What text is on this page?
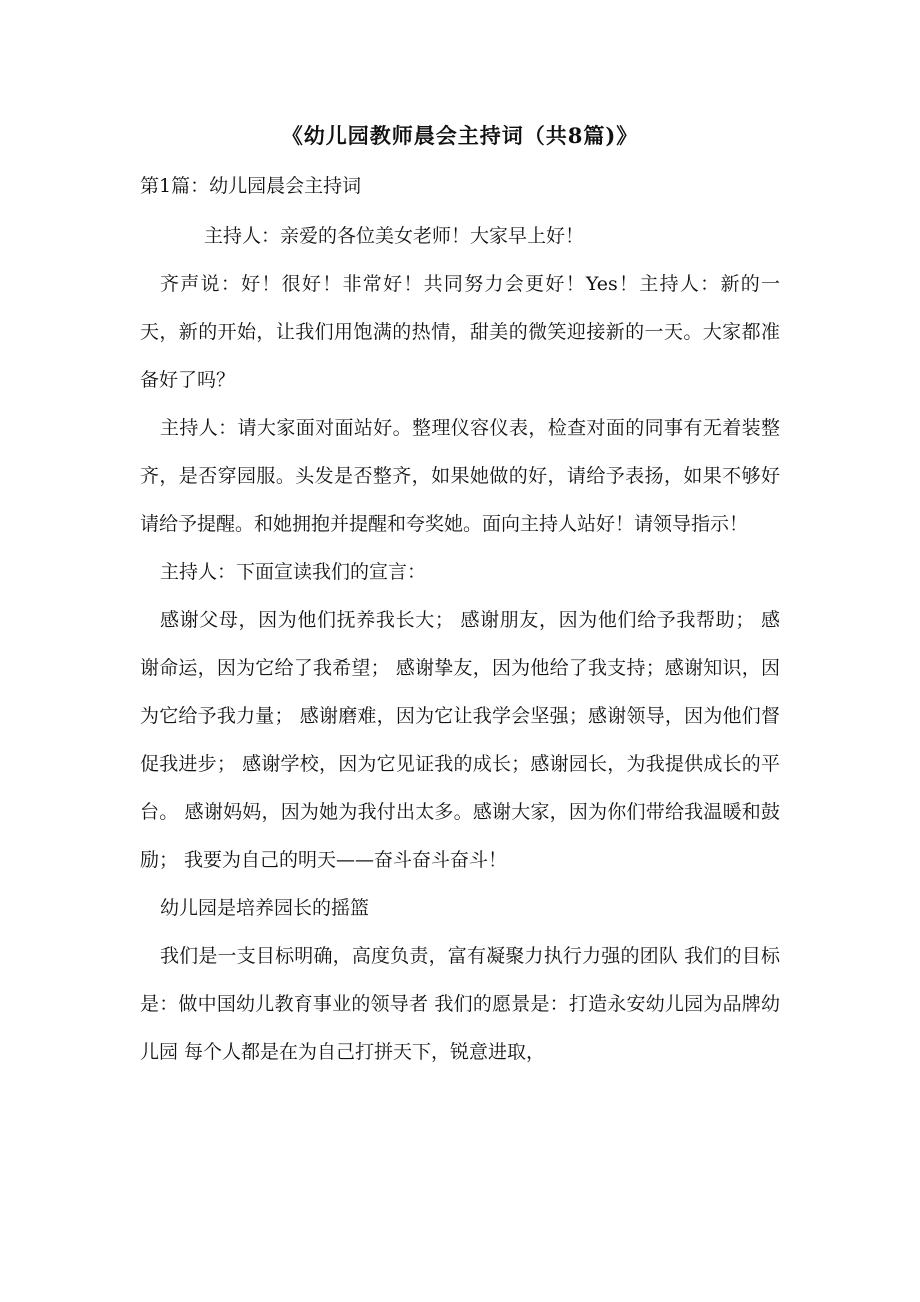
《幼儿园教师晨会主持词（共8篇)》
第1篇：幼儿园晨会主持词

主持人：亲爱的各位美女老师！大家早上好！

齐声说：好！很好！非常好！共同努力会更好！Yes！主持人：新的一天，新的开始，让我们用饱满的热情，甜美的微笑迎接新的一天。大家都准备好了吗？

主持人：请大家面对面站好。整理仪容仪表，检查对面的同事有无着装整齐，是否穿园服。头发是否整齐，如果她做的好，请给予表扬，如果不够好请给予提醒。和她拥抱并提醒和夸奖她。面向主持人站好！请领导指示！

主持人：下面宣读我们的宣言：

感谢父母，因为他们抚养我长大； 感谢朋友，因为他们给予我帮助； 感谢命运，因为它给了我希望； 感谢挚友，因为他给了我支持；感谢知识，因为它给予我力量； 感谢磨难，因为它让我学会坚强；感谢领导，因为他们督促我进步； 感谢学校，因为它见证我的成长；感谢园长，为我提供成长的平台。 感谢妈妈，因为她为我付出太多。感谢大家，因为你们带给我温暖和鼓励； 我要为自己的明天——奋斗奋斗奋斗！

幼儿园是培养园长的摇篮

我们是一支目标明确，高度负责，富有凝聚力执行力强的团队 我们的目标是：做中国幼儿教育事业的领导者 我们的愿景是：打造永安幼儿园为品牌幼儿园 每个人都是在为自己打拼天下，锐意进取，
